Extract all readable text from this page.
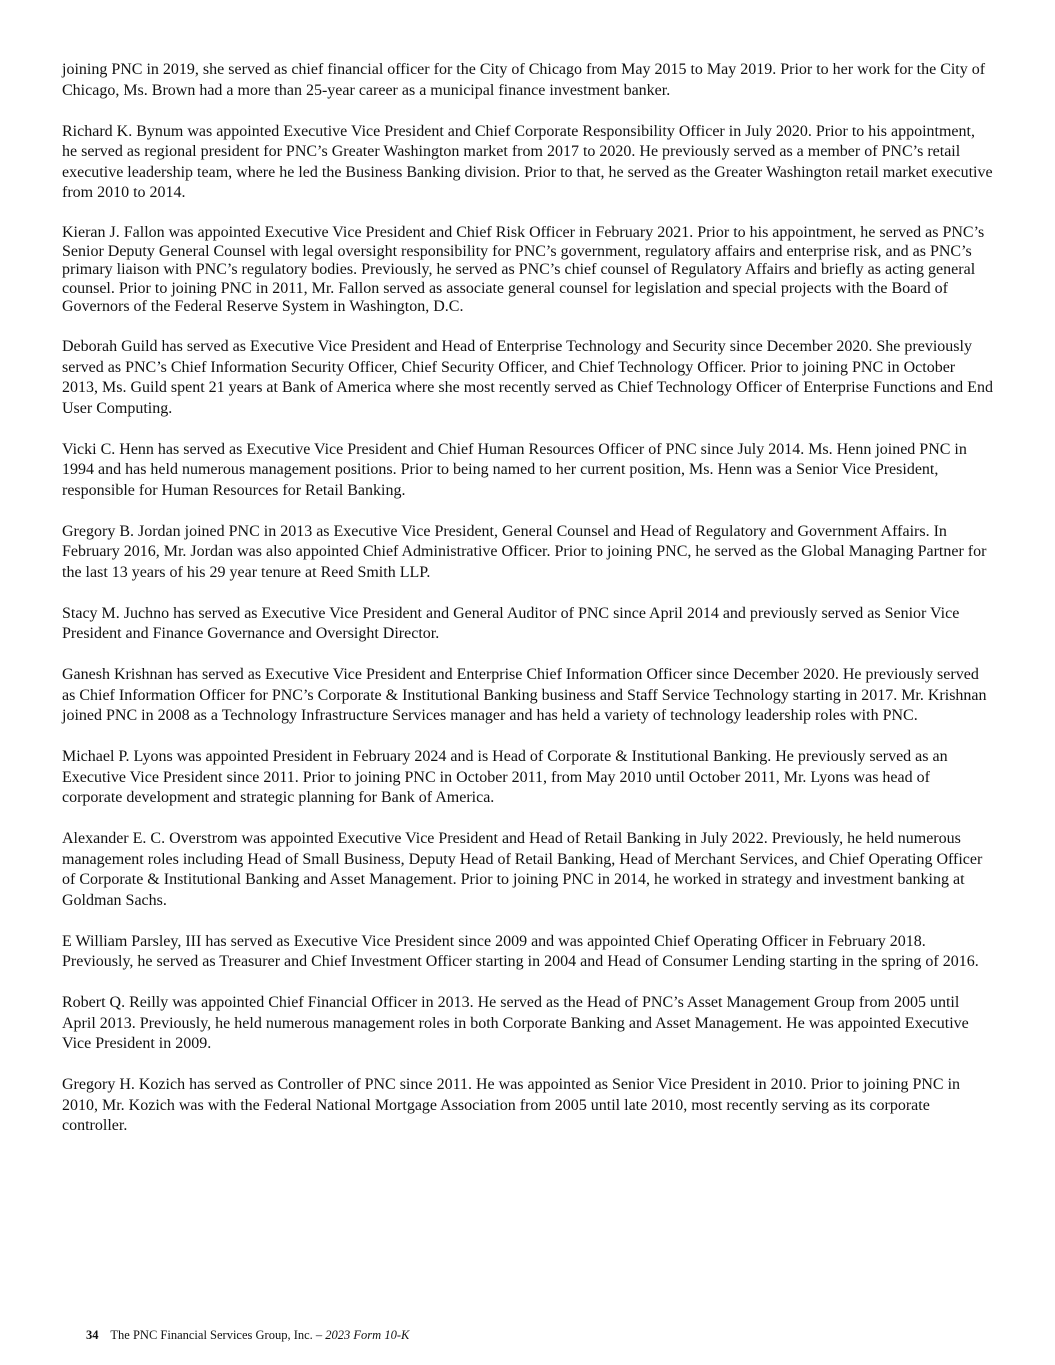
joining PNC in 2019, she served as chief financial officer for the City of Chicago from May 2015 to May 2019. Prior to her work for the City of Chicago, Ms. Brown had a more than 25-year career as a municipal finance investment banker.

Richard K. Bynum was appointed Executive Vice President and Chief Corporate Responsibility Officer in July 2020. Prior to his appointment, he served as regional president for PNC’s Greater Washington market from 2017 to 2020. He previously served as a member of PNC’s retail executive leadership team, where he led the Business Banking division. Prior to that, he served as the Greater Washington retail market executive from 2010 to 2014.

Kieran J. Fallon was appointed Executive Vice President and Chief Risk Officer in February 2021. Prior to his appointment, he served as PNC’s Senior Deputy General Counsel with legal oversight responsibility for PNC’s government, regulatory affairs and enterprise risk, and as PNC’s primary liaison with PNC’s regulatory bodies. Previously, he served as PNC’s chief counsel of Regulatory Affairs and briefly as acting general counsel. Prior to joining PNC in 2011, Mr. Fallon served as associate general counsel for legislation and special projects with the Board of Governors of the Federal Reserve System in Washington, D.C.

Deborah Guild has served as Executive Vice President and Head of Enterprise Technology and Security since December 2020. She previously served as PNC’s Chief Information Security Officer, Chief Security Officer, and Chief Technology Officer. Prior to joining PNC in October 2013, Ms. Guild spent 21 years at Bank of America where she most recently served as Chief Technology Officer of Enterprise Functions and End User Computing.

Vicki C. Henn has served as Executive Vice President and Chief Human Resources Officer of PNC since July 2014. Ms. Henn joined PNC in 1994 and has held numerous management positions. Prior to being named to her current position, Ms. Henn was a Senior Vice President, responsible for Human Resources for Retail Banking.

Gregory B. Jordan joined PNC in 2013 as Executive Vice President, General Counsel and Head of Regulatory and Government Affairs. In February 2016, Mr. Jordan was also appointed Chief Administrative Officer. Prior to joining PNC, he served as the Global Managing Partner for the last 13 years of his 29 year tenure at Reed Smith LLP.

Stacy M. Juchno has served as Executive Vice President and General Auditor of PNC since April 2014 and previously served as Senior Vice President and Finance Governance and Oversight Director.

Ganesh Krishnan has served as Executive Vice President and Enterprise Chief Information Officer since December 2020. He previously served as Chief Information Officer for PNC’s Corporate & Institutional Banking business and Staff Service Technology starting in 2017. Mr. Krishnan joined PNC in 2008 as a Technology Infrastructure Services manager and has held a variety of technology leadership roles with PNC.

Michael P. Lyons was appointed President in February 2024 and is Head of Corporate & Institutional Banking. He previously served as an Executive Vice President since 2011. Prior to joining PNC in October 2011, from May 2010 until October 2011, Mr. Lyons was head of corporate development and strategic planning for Bank of America.

Alexander E. C. Overstrom was appointed Executive Vice President and Head of Retail Banking in July 2022. Previously, he held numerous management roles including Head of Small Business, Deputy Head of Retail Banking, Head of Merchant Services, and Chief Operating Officer of Corporate & Institutional Banking and Asset Management. Prior to joining PNC in 2014, he worked in strategy and investment banking at Goldman Sachs.

E William Parsley, III has served as Executive Vice President since 2009 and was appointed Chief Operating Officer in February 2018. Previously, he served as Treasurer and Chief Investment Officer starting in 2004 and Head of Consumer Lending starting in the spring of 2016.

Robert Q. Reilly was appointed Chief Financial Officer in 2013. He served as the Head of PNC’s Asset Management Group from 2005 until April 2013. Previously, he held numerous management roles in both Corporate Banking and Asset Management. He was appointed Executive Vice President in 2009.

Gregory H. Kozich has served as Controller of PNC since 2011. He was appointed as Senior Vice President in 2010. Prior to joining PNC in 2010, Mr. Kozich was with the Federal National Mortgage Association from 2005 until late 2010, most recently serving as its corporate controller.

34 The PNC Financial Services Group, Inc. – 2023 Form 10-K
